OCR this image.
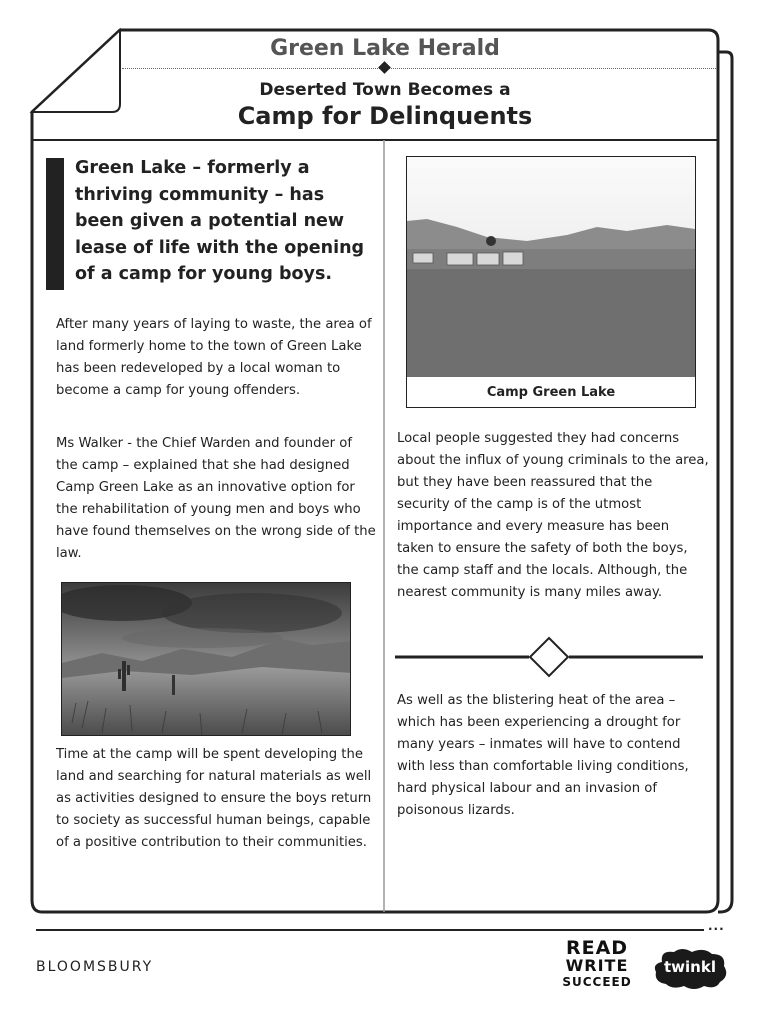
Green Lake Herald
Deserted Town Becomes a
Camp for Delinquents
Green Lake – formerly a thriving community – has been given a potential new lease of life with the opening of a camp for young boys.
After many years of laying to waste, the area of land formerly home to the town of Green Lake has been redeveloped by a local woman to become a camp for young offenders.
Ms Walker - the Chief Warden and founder of the camp – explained that she had designed Camp Green Lake as an innovative option for the rehabilitation of young men and boys who have found themselves on the wrong side of the law.
Time at the camp will be spent developing the land and searching for natural materials as well as activities designed to ensure the boys return to society as successful human beings, capable of a positive contribution to their communities.
Camp Green Lake
Local people suggested they had concerns about the influx of young criminals to the area, but they have been reassured that the security of the camp is of the utmost importance and every measure has been taken to ensure the safety of both the boys, the camp staff and the locals. Although, the nearest community is many miles away.
As well as the blistering heat of the area – which has been experiencing a drought for many years – inmates will have to contend with less than comfortable living conditions, hard physical labour and an invasion of poisonous lizards.
···
BLOOMSBURY
READ
WRITE
SUCCEED
twinkl
